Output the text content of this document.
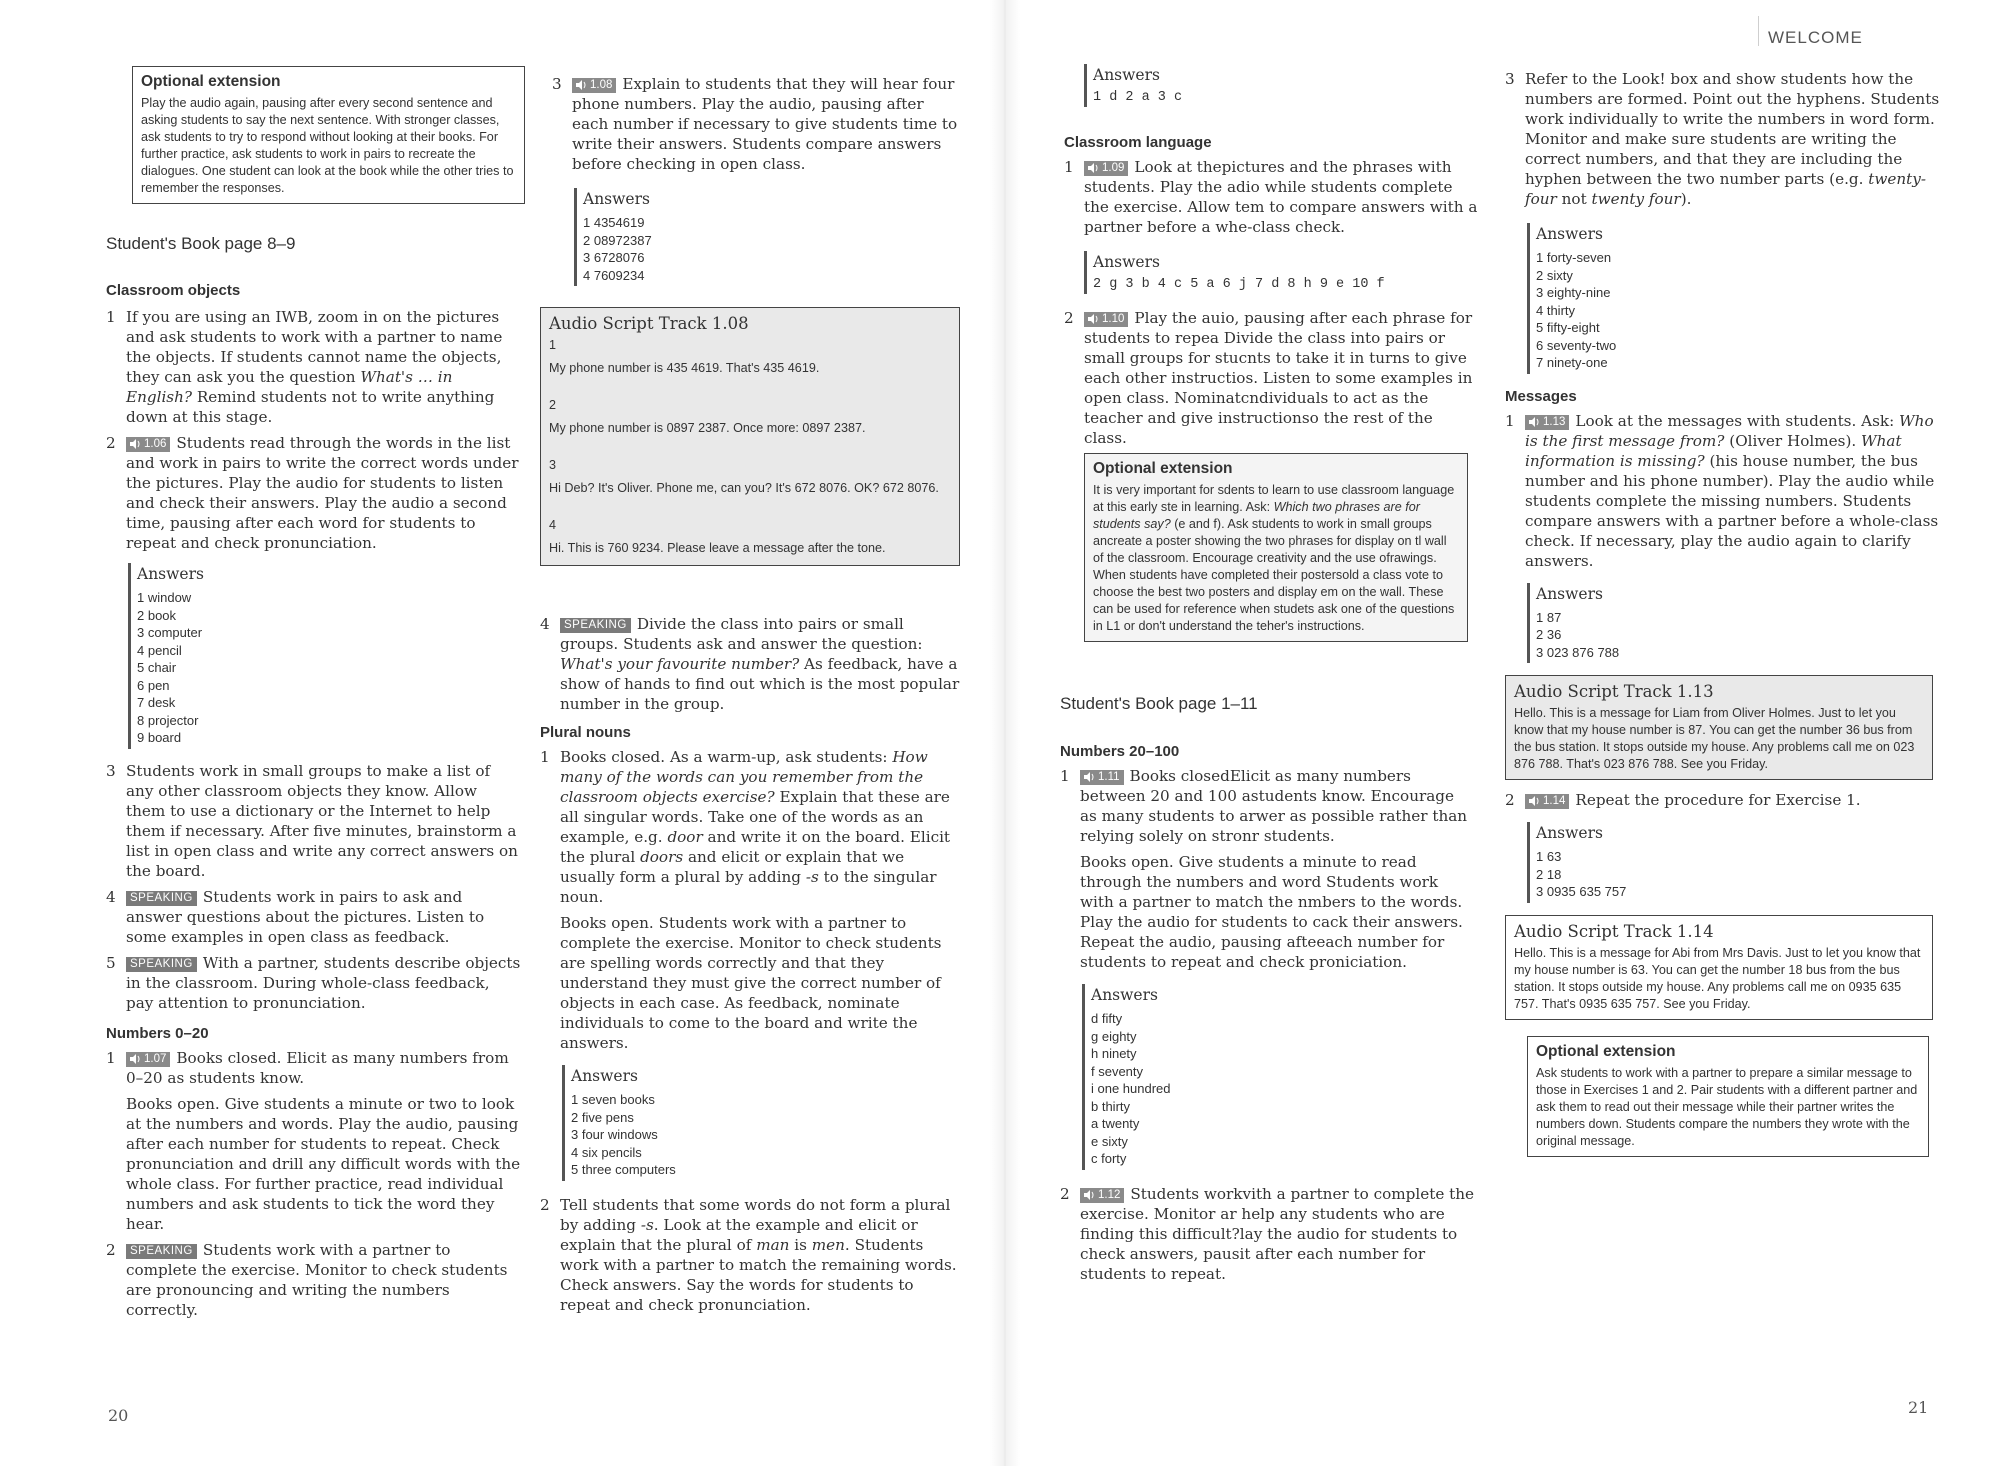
WELCOME
Optional extension
Play the audio again, pausing after every second sentence and asking students to say the next sentence. With stronger classes, ask students to try to respond without looking at their books. For further practice, ask students to work in pairs to recreate the dialogues. One student can look at the book while the other tries to remember the responses.
Student's Book page 8–9
Classroom objects
1 If you are using an IWB, zoom in on the pictures and ask students to work with a partner to name the objects. If students cannot name the objects, they can ask you the question What's … in English? Remind students not to write anything down at this stage.

2	1.06 Students read through the words in the list and work in pairs to write the correct words under the pictures. Play the audio for students to listen and check their answers. Play the audio a second time, pausing after each word for students to repeat and check pronunciation.

Answers
1 window
2 book
3 computer
4 pencil
5 chair
6 pen
7 desk
8 projector
9 board
3 Students work in small groups to make a list of any other classroom objects they know. Allow them to use a dictionary or the Internet to help them if necessary. After five minutes, brainstorm a list in open class and write any correct answers on the board.

4	SPEAKING Students work in pairs to ask and answer questions about the pictures. Listen to some examples in open class as feedback.

5	SPEAKING With a partner, students describe objects in the classroom. During whole-class feedback, pay attention to pronunciation.

Numbers 0–20
1	1.07 Books closed. Elicit as many numbers from 0–20 as students know.

Books open. Give students a minute or two to look at the numbers and words. Play the audio, pausing after each number for students to repeat. Check pronunciation and drill any difficult words with the whole class. For further practice, read individual numbers and ask students to tick the word they hear.

2	SPEAKING Students work with a partner to complete the exercise. Monitor to check students are pronouncing and writing the numbers correctly.

3	1.08 Explain to students that they will hear four phone numbers. Play the audio, pausing after each number if necessary to give students time to write their answers. Students compare answers before checking in open class.

Answers
1 4354619
2 08972387
3 6728076
4 7609234
Audio Script Track 1.08
1
My phone number is 435 4619. That's 435 4619.
2
My phone number is 0897 2387. Once more: 0897 2387.
3
Hi Deb? It's Oliver. Phone me, can you? It's 672 8076. OK? 672 8076.
4
Hi. This is 760 9234. Please leave a message after the tone.
4	SPEAKING Divide the class into pairs or small groups. Students ask and answer the question: What's your favourite number? As feedback, have a show of hands to find out which is the most popular number in the group.

Plural nouns
1 Books closed. As a warm-up, ask students: How many of the words can you remember from the classroom objects exercise? Explain that these are all singular words. Take one of the words as an example, e.g. door and write it on the board. Elicit the plural doors and elicit or explain that we usually form a plural by adding -s to the singular noun.

Books open. Students work with a partner to complete the exercise. Monitor to check students are spelling words correctly and that they understand they must give the correct number of objects in each case. As feedback, nominate individuals to come to the board and write the answers.

Answers
1 seven books
2 five pens
3 four windows
4 six pencils
5 three computers
2 Tell students that some words do not form a plural by adding -s. Look at the example and elicit or explain that the plural of man is men. Students work with a partner to match the remaining words. Check answers. Say the words for students to repeat and check pronunciation.

Answers
1 d 2 a 3 c
Classroom language
1	1.09 Look at thepictures and the phrases with students. Play the adio while students complete the exercise. Allow tem to compare answers with a partner before a whe-class check.

Answers
2 g 3 b 4 c 5 a 6 j 7 d 8 h 9 e 10 f
2	1.10 Play the auio, pausing after each phrase for students to repea Divide the class into pairs or small groups for stucnts to take it in turns to give each other instructios. Listen to some examples in open class. Nominatcndividuals to act as the teacher and give instructionso the rest of the class.

Optional extension
It is very important for sdents to learn to use classroom language at this early ste in learning. Ask: Which two phrases are for students say? (e and f). Ask students to work in small groups ancreate a poster showing the two phrases for display on tl wall of the classroom. Encourage creativity and the use ofrawings. When students have completed their postersold a class vote to choose the best two posters and display em on the wall. These can be used for reference when studets ask one of the questions in L1 or don't understand the teher's instructions.
Student's Book page 1–11
Numbers 20–100
1	1.11 Books closedElicit as many numbers between 20 and 100 astudents know. Encourage as many students to arwer as possible rather than relying solely on stronr students.

Books open. Give students a minute to read through the numbers and word Students work with a partner to match the nmbers to the words. Play the audio for students to cack their answers. Repeat the audio, pausing afteeach number for students to repeat and check proniciation.

Answers
d fifty
g eighty
h ninety
f seventy
i one hundred
b thirty
a twenty
e sixty
c forty
2	1.12 Students workvith a partner to complete the exercise. Monitor ar help any students who are finding this difficult?lay the audio for students to check answers, pausit after each number for students to repeat.

3 Refer to the Look! box and show students how the numbers are formed. Point out the hyphens. Students work individually to write the numbers in word form. Monitor and make sure students are writing the correct numbers, and that they are including the hyphen between the two number parts (e.g. twenty-four not twenty four).

Answers
1 forty-seven
2 sixty
3 eighty-nine
4 thirty
5 fifty-eight
6 seventy-two
7 ninety-one
Messages
1	1.13 Look at the messages with students. Ask: Who is the first message from? (Oliver Holmes). What information is missing? (his house number, the bus number and his phone number). Play the audio while students complete the missing numbers. Students compare answers with a partner before a whole-class check. If necessary, play the audio again to clarify answers.

Answers
1 87
2 36
3 023 876 788
Audio Script Track 1.13
Hello. This is a message for Liam from Oliver Holmes. Just to let you know that my house number is 87. You can get the number 36 bus from the bus station. It stops outside my house. Any problems call me on 023 876 788. That's 023 876 788. See you Friday.
2	1.14 Repeat the procedure for Exercise 1.

Answers
1 63
2 18
3 0935 635 757
Audio Script Track 1.14
Hello. This is a message for Abi from Mrs Davis. Just to let you know that my house number is 63. You can get the number 18 bus from the bus station. It stops outside my house. Any problems call me on 0935 635 757. That's 0935 635 757. See you Friday.
Optional extension
Ask students to work with a partner to prepare a similar message to those in Exercises 1 and 2. Pair students with a different partner and ask them to read out their message while their partner writes the numbers down. Students compare the numbers they wrote with the original message.
20	21
